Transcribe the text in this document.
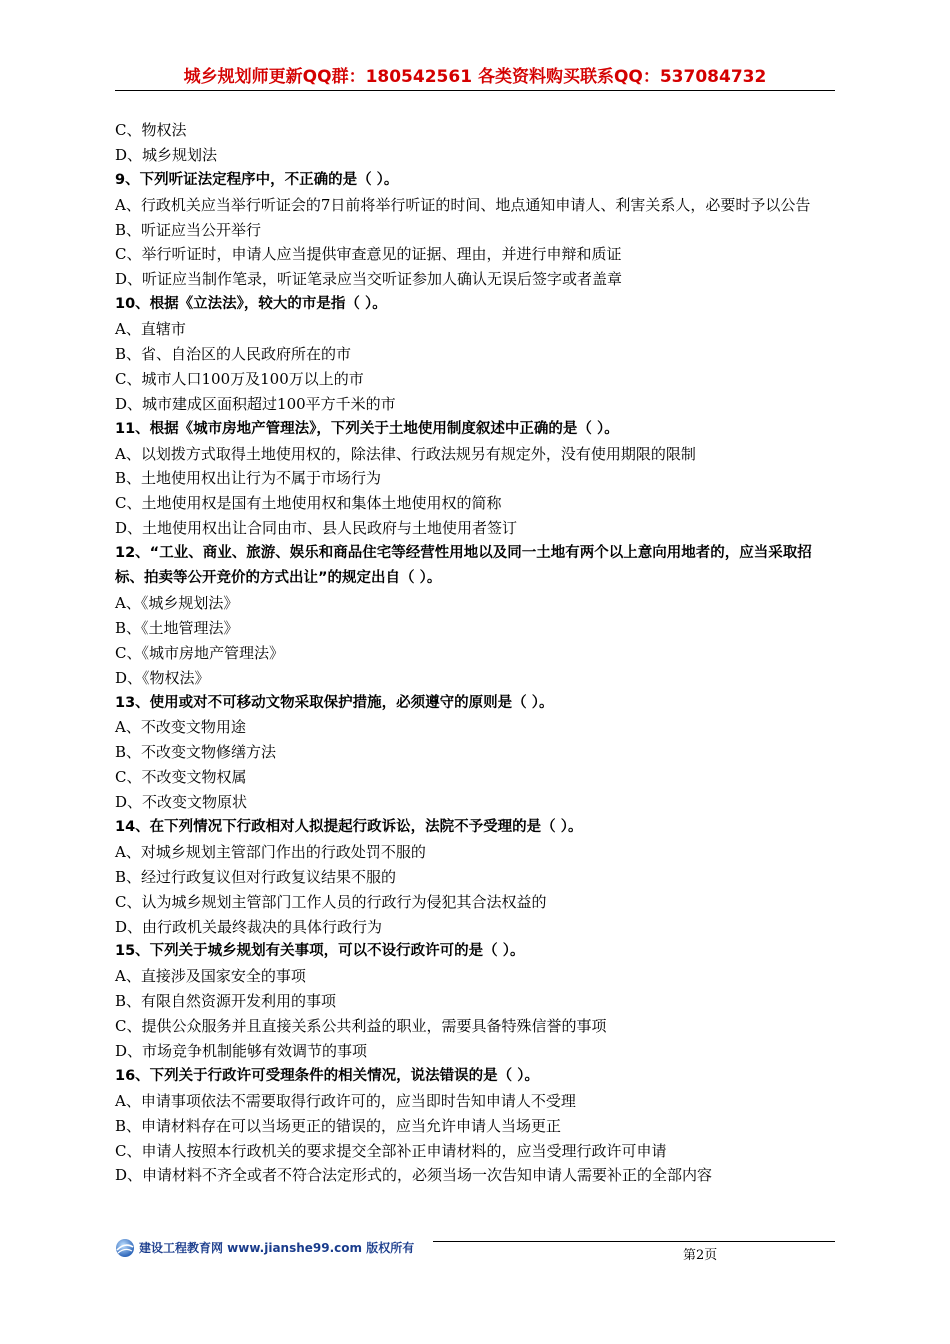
城乡规划师更新QQ群：180542561 各类资料购买联系QQ：537084732
C、物权法
D、城乡规划法
9、下列听证法定程序中，不正确的是（ ）。
A、行政机关应当举行听证会的7日前将举行听证的时间、地点通知申请人、利害关系人，必要时予以公告
B、听证应当公开举行
C、举行听证时，申请人应当提供审查意见的证据、理由，并进行申辩和质证
D、听证应当制作笔录，听证笔录应当交听证参加人确认无误后签字或者盖章
10、根据《立法法》，较大的市是指（ ）。
A、直辖市
B、省、自治区的人民政府所在的市
C、城市人口100万及100万以上的市
D、城市建成区面积超过100平方千米的市
11、根据《城市房地产管理法》，下列关于土地使用制度叙述中正确的是（ ）。
A、以划拨方式取得土地使用权的，除法律、行政法规另有规定外，没有使用期限的限制
B、土地使用权出让行为不属于市场行为
C、土地使用权是国有土地使用权和集体土地使用权的简称
D、土地使用权出让合同由市、县人民政府与土地使用者签订
12、“工业、商业、旅游、娱乐和商品住宅等经营性用地以及同一土地有两个以上意向用地者的，应当采取招标、拍卖等公开竞价的方式出让”的规定出自（ ）。
A、《城乡规划法》
B、《土地管理法》
C、《城市房地产管理法》
D、《物权法》
13、使用或对不可移动文物采取保护措施，必须遵守的原则是（ ）。
A、不改变文物用途
B、不改变文物修缮方法
C、不改变文物权属
D、不改变文物原状
14、在下列情况下行政相对人拟提起行政诉讼，法院不予受理的是（ ）。
A、对城乡规划主管部门作出的行政处罚不服的
B、经过行政复议但对行政复议结果不服的
C、认为城乡规划主管部门工作人员的行政行为侵犯其合法权益的
D、由行政机关最终裁决的具体行政行为
15、下列关于城乡规划有关事项，可以不设行政许可的是（ ）。
A、直接涉及国家安全的事项
B、有限自然资源开发利用的事项
C、提供公众服务并且直接关系公共利益的职业，需要具备特殊信誉的事项
D、市场竞争机制能够有效调节的事项
16、下列关于行政许可受理条件的相关情况，说法错误的是（ ）。
A、申请事项依法不需要取得行政许可的，应当即时告知申请人不受理
B、申请材料存在可以当场更正的错误的，应当允许申请人当场更正
C、申请人按照本行政机关的要求提交全部补正申请材料的，应当受理行政许可申请
D、申请材料不齐全或者不符合法定形式的，必须当场一次告知申请人需要补正的全部内容
建设工程教育网 www.jianshe99.com 版权所有	第2页
